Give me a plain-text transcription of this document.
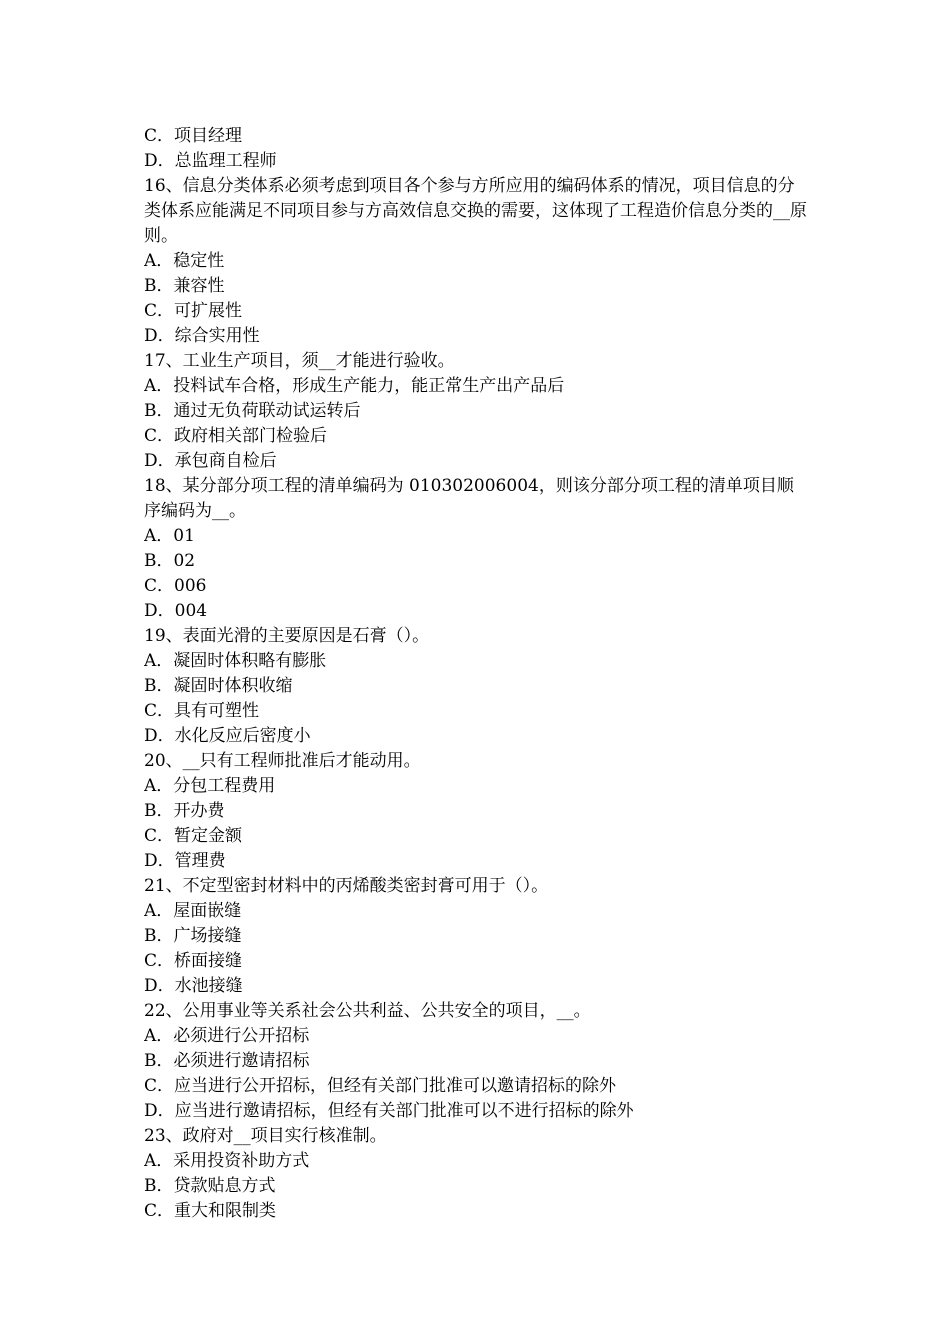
C．项目经理
D．总监理工程师
16、信息分类体系必须考虑到项目各个参与方所应用的编码体系的情况，项目信息的分类体系应能满足不同项目参与方高效信息交换的需要，这体现了工程造价信息分类的__原则。
A．稳定性
B．兼容性
C．可扩展性
D．综合实用性
17、工业生产项目，须__才能进行验收。
A．投料试车合格，形成生产能力，能正常生产出产品后
B．通过无负荷联动试运转后
C．政府相关部门检验后
D．承包商自检后
18、某分部分项工程的清单编码为 010302006004，则该分部分项工程的清单项目顺序编码为__。
A．01
B．02
C．006
D．004
19、表面光滑的主要原因是石膏（）。
A．凝固时体积略有膨胀
B．凝固时体积收缩
C．具有可塑性
D．水化反应后密度小
20、__只有工程师批准后才能动用。
A．分包工程费用
B．开办费
C．暂定金额
D．管理费
21、不定型密封材料中的丙烯酸类密封膏可用于（）。
A．屋面嵌缝
B．广场接缝
C．桥面接缝
D．水池接缝
22、公用事业等关系社会公共利益、公共安全的项目，__。
A．必须进行公开招标
B．必须进行邀请招标
C．应当进行公开招标，但经有关部门批准可以邀请招标的除外
D．应当进行邀请招标，但经有关部门批准可以不进行招标的除外
23、政府对__项目实行核准制。
A．采用投资补助方式
B．贷款贴息方式
C．重大和限制类
